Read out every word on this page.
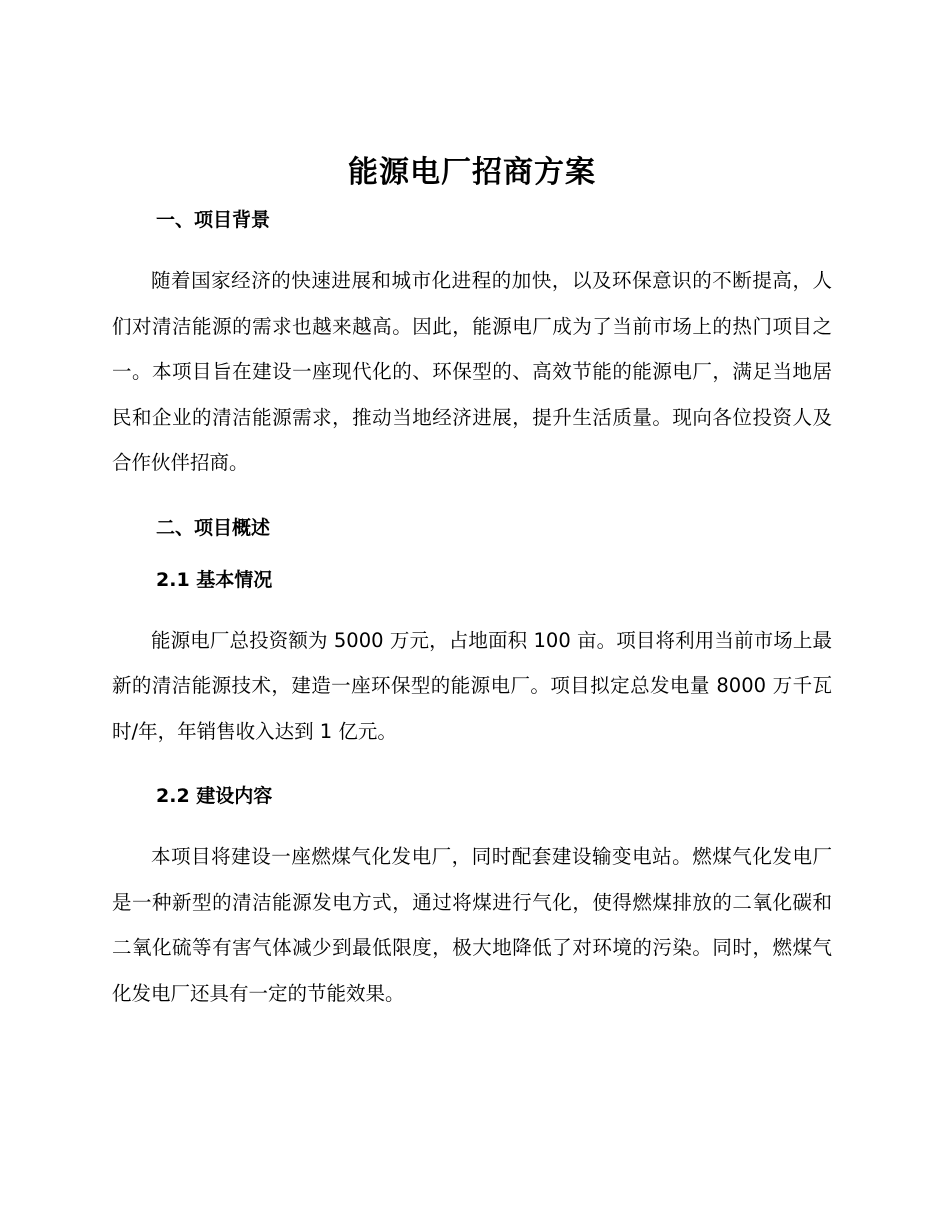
能源电厂招商方案
一、项目背景

随着国家经济的快速进展和城市化进程的加快，以及环保意识的不断提高，人们对清洁能源的需求也越来越高。因此，能源电厂成为了当前市场上的热门项目之一。本项目旨在建设一座现代化的、环保型的、高效节能的能源电厂，满足当地居民和企业的清洁能源需求，推动当地经济进展，提升生活质量。现向各位投资人及合作伙伴招商。

二、项目概述
2.1 基本情况

能源电厂总投资额为 5000 万元，占地面积 100 亩。项目将利用当前市场上最新的清洁能源技术，建造一座环保型的能源电厂。项目拟定总发电量 8000 万千瓦时/年，年销售收入达到 1 亿元。

2.2 建设内容

本项目将建设一座燃煤气化发电厂，同时配套建设输变电站。燃煤气化发电厂是一种新型的清洁能源发电方式，通过将煤进行气化，使得燃煤排放的二氧化碳和二氧化硫等有害气体减少到最低限度，极大地降低了对环境的污染。同时，燃煤气化发电厂还具有一定的节能效果。
